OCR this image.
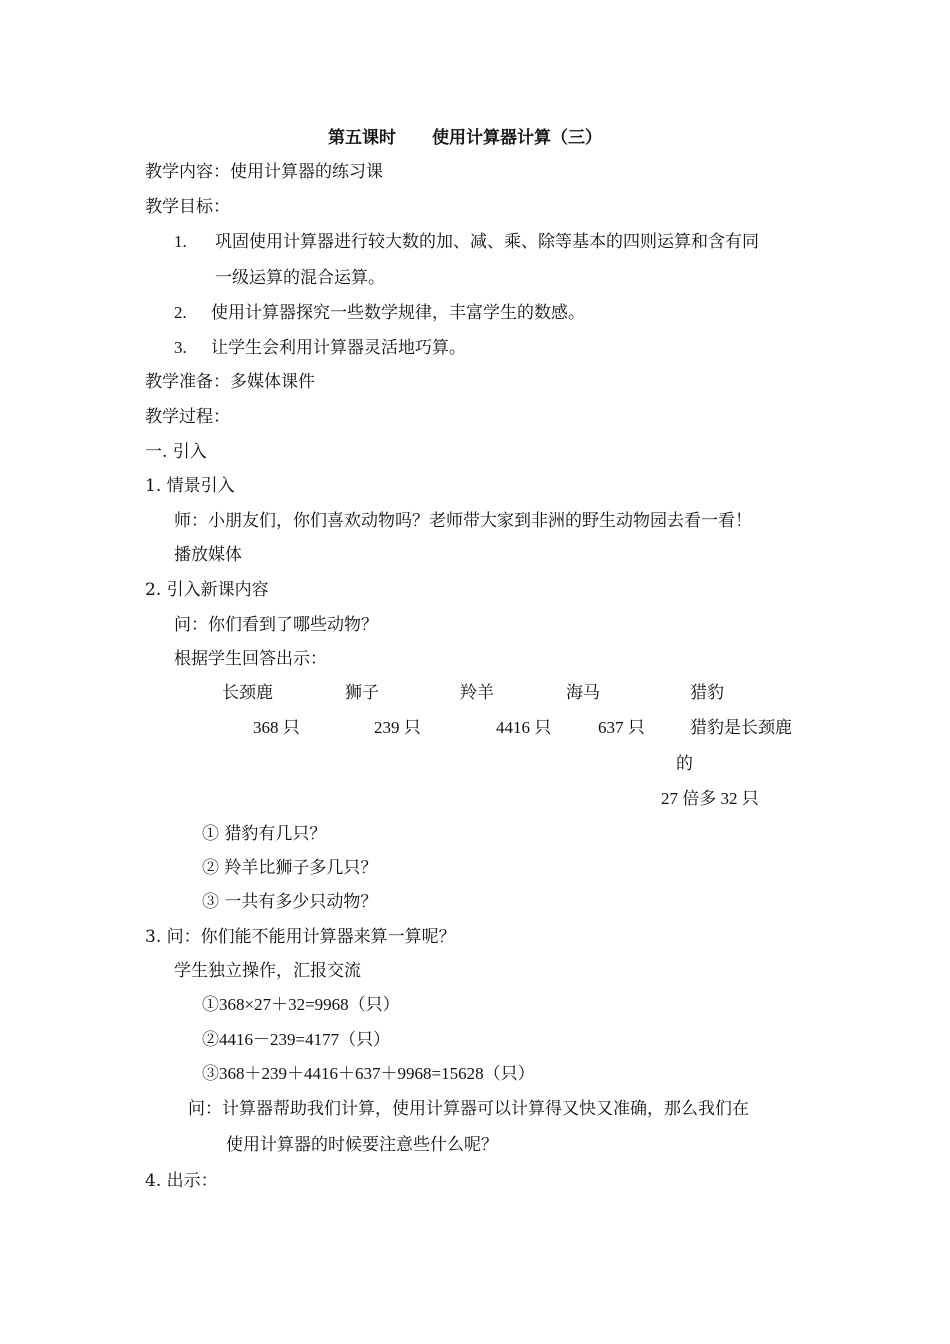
第五课时 使用计算器计算（三）
教学内容：使用计算器的练习课
教学目标：
1. 巩固使用计算器进行较大数的加、减、乘、除等基本的四则运算和含有同
一级运算的混合运算。
2. 使用计算器探究一些数学规律，丰富学生的数感。
3. 让学生会利用计算器灵活地巧算。
教学准备：多媒体课件
教学过程：
一. 引入
1. 情景引入
师：小朋友们，你们喜欢动物吗？老师带大家到非洲的野生动物园去看一看！
播放媒体
2. 引入新课内容
问：你们看到了哪些动物？
根据学生回答出示：
长颈鹿	狮子	羚羊	海马	猎豹
368 只	239 只	4416 只	637 只	猎豹是长颈鹿
的
27 倍多 32 只
① 猎豹有几只？
② 羚羊比狮子多几只？
③ 一共有多少只动物？
3. 问：你们能不能用计算器来算一算呢？
学生独立操作，汇报交流
①368×27＋32=9968（只）
②4416－239=4177（只）
③368＋239＋4416＋637＋9968=15628（只）
问：计算器帮助我们计算，使用计算器可以计算得又快又准确，那么我们在
使用计算器的时候要注意些什么呢？
4. 出示：
